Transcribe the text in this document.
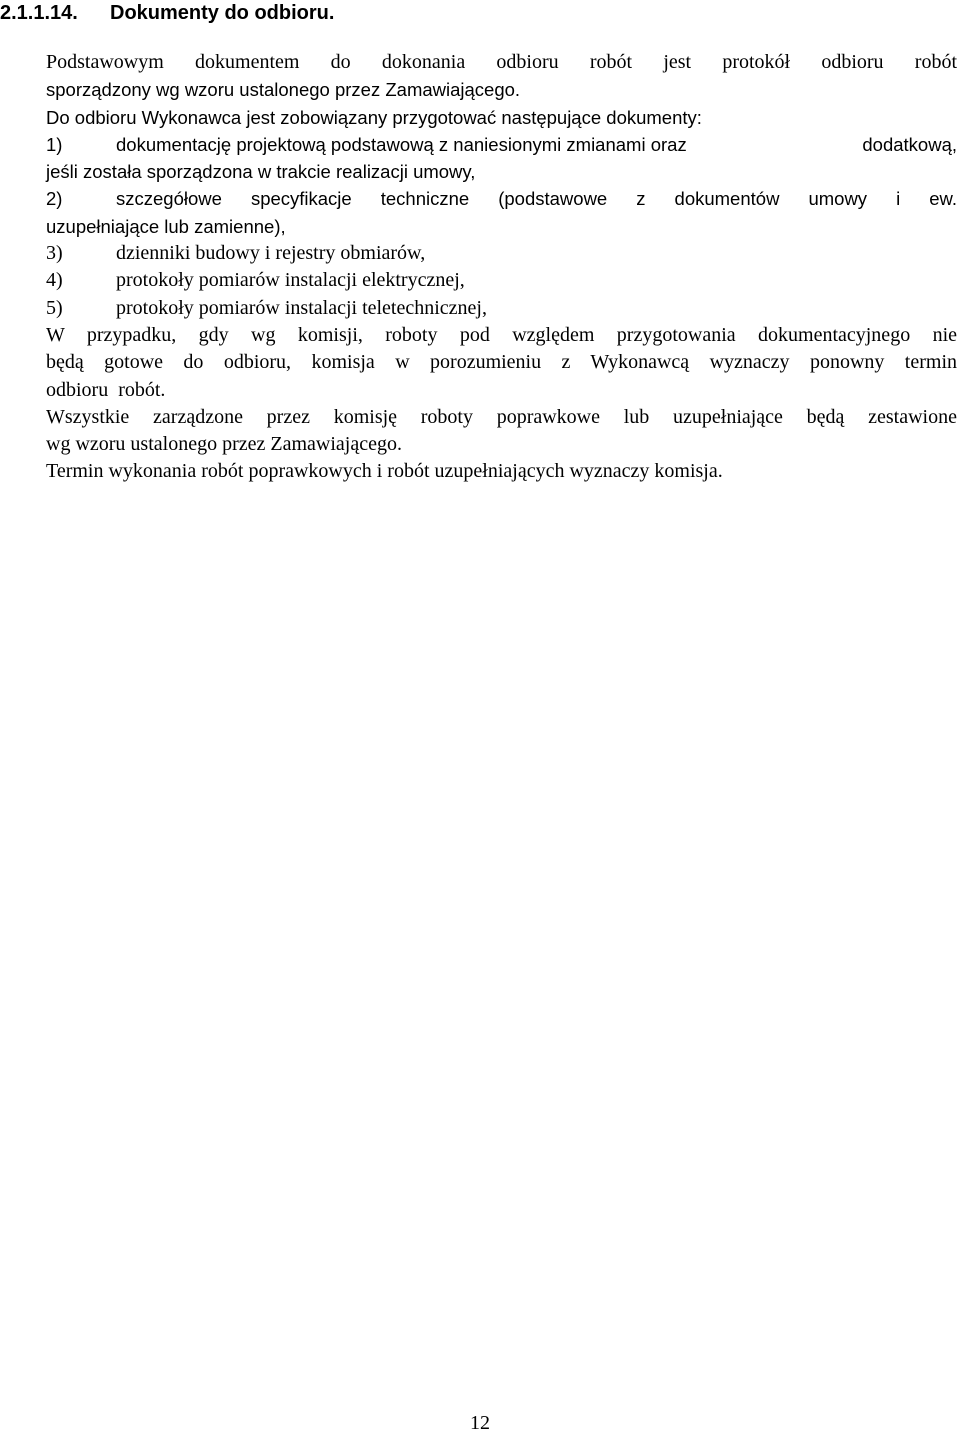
2.1.1.14. Dokumenty do odbioru.
Podstawowym dokumentem do dokonania odbioru robót jest protokół odbioru robót
sporządzony wg wzoru ustalonego przez Zamawiającego.
Do odbioru Wykonawca jest zobowiązany przygotować następujące dokumenty:
1)	dokumentację projektową podstawową z naniesionymi zmianami oraz	dodatkową,
jeśli została sporządzona w trakcie realizacji umowy,
2)	szczegółowe specyfikacje techniczne (podstawowe z dokumentów umowy i ew.
uzupełniające lub zamienne),
3)	dzienniki budowy i rejestry obmiarów,
4)	protokoły pomiarów instalacji elektrycznej,
5)	protokoły pomiarów instalacji teletechnicznej,
W przypadku, gdy wg komisji, roboty pod względem przygotowania dokumentacyjnego nie
będą gotowe do odbioru, komisja w porozumieniu z Wykonawcą wyznaczy ponowny termin
odbioru  robót.
Wszystkie zarządzone przez komisję roboty poprawkowe lub uzupełniające będą zestawione
wg wzoru ustalonego przez Zamawiającego.
Termin wykonania robót poprawkowych i robót uzupełniających wyznaczy komisja.
12
